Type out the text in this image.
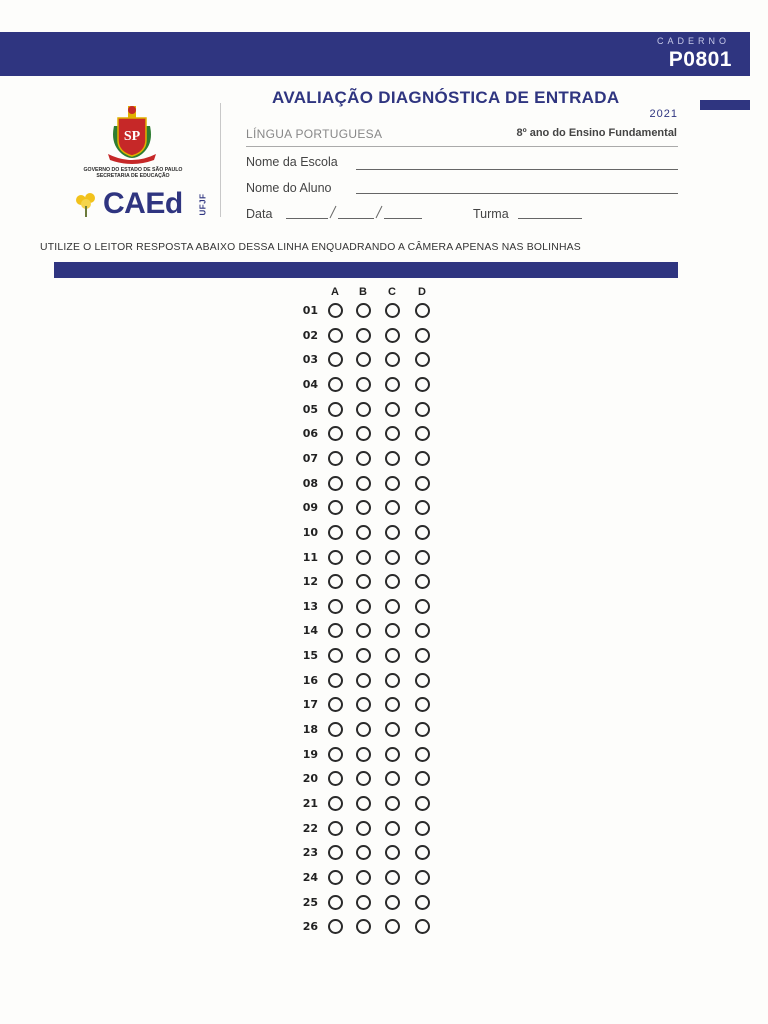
CADERNO
P0801
SP
GOVERNO DO ESTADO DE SÃO PAULO
SECRETARIA DE EDUCAÇÃO
CAEd UFJF
AVALIAÇÃO DIAGNÓSTICA DE ENTRADA
2021
LÍNGUA PORTUGUESA	8º ano do Ensino Fundamental
Nome da Escola
Nome do Aluno
Data	Turma
UTILIZE O LEITOR RESPOSTA ABAIXO DESSA LINHA ENQUADRANDO A CÂMERA APENAS NAS BOLINHAS
A	B	C	D
01
02
03
04
05
06
07
08
09
10
11
12
13
14
15
16
17
18
19
20
21
22
23
24
25
26
